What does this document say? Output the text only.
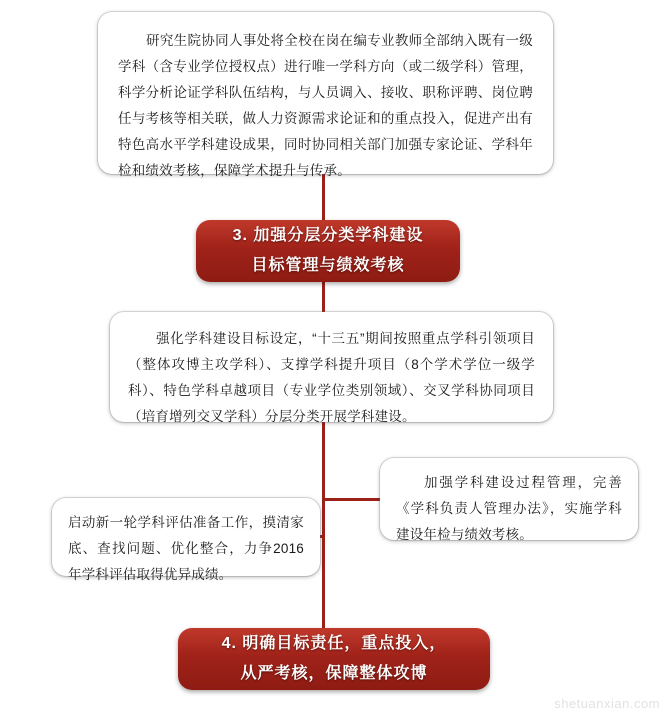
研究生院协同人事处将全校在岗在编专业教师全部纳入既有一级学科（含专业学位授权点）进行唯一学科方向（或二级学科）管理，科学分析论证学科队伍结构，与人员调入、接收、职称评聘、岗位聘任与考核等相关联，做人力资源需求论证和的重点投入，促进产出有特色高水平学科建设成果，同时协同相关部门加强专家论证、学科年检和绩效考核，保障学术提升与传承。

3. 加强分层分类学科建设
目标管理与绩效考核

强化学科建设目标设定，“十三五”期间按照重点学科引领项目（整体攻博主攻学科）、支撑学科提升项目（8个学术学位一级学科）、特色学科卓越项目（专业学位类别领域）、交叉学科协同项目（培育增列交叉学科）分层分类开展学科建设。

加强学科建设过程管理，完善《学科负责人管理办法》，实施学科建设年检与绩效考核。

启动新一轮学科评估准备工作，摸清家底、查找问题、优化整合，力争2016年学科评估取得优异成绩。

4. 明确目标责任，重点投入，
从严考核，保障整体攻博
shetuanxian.com
